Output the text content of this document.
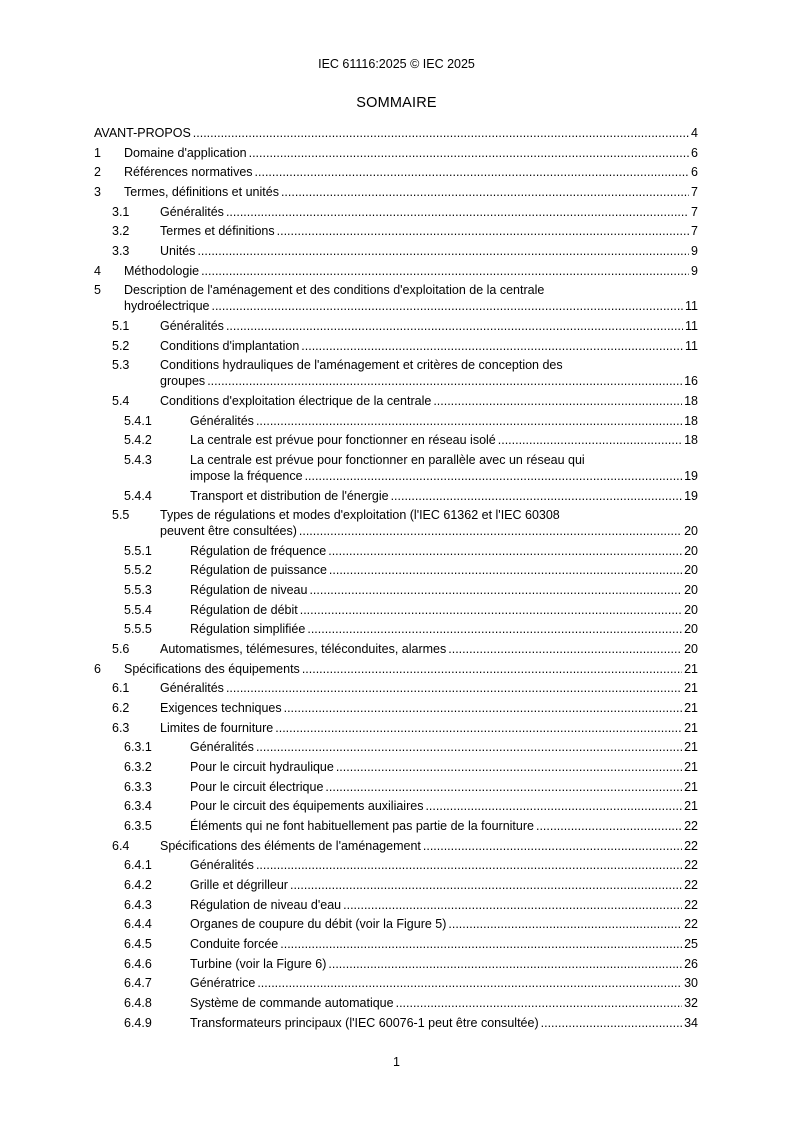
IEC 61116:2025 © IEC 2025
SOMMAIRE
AVANT-PROPOS .....	4
1 Domaine d'application .....	6
2 Références normatives .....	6
3 Termes, définitions et unités .....	7
3.1 Généralités .....	7
3.2 Termes et définitions .....	7
3.3 Unités .....	9
4 Méthodologie .....	9
5 Description de l'aménagement et des conditions d'exploitation de la centrale
hydroélectrique .....	11
5.1 Généralités .....	11
5.2 Conditions d'implantation .....	11
5.3 Conditions hydrauliques de l'aménagement et critères de conception des
groupes .....	16
5.4 Conditions d'exploitation électrique de la centrale .....	18
5.4.1	Généralités .....	18
5.4.2	La centrale est prévue pour fonctionner en réseau isolé .....	18
5.4.3	La centrale est prévue pour fonctionner en parallèle avec un réseau qui
impose la fréquence .....	19
5.4.4	Transport et distribution de l'énergie .....	19
5.5 Types de régulations et modes d'exploitation (l'IEC 61362 et l'IEC 60308
peuvent être consultées) .....	20
5.5.1	Régulation de fréquence .....	20
5.5.2	Régulation de puissance .....	20
5.5.3	Régulation de niveau .....	20
5.5.4	Régulation de débit .....	20
5.5.5	Régulation simplifiée .....	20
5.6 Automatismes, télémesures, téléconduites, alarmes .....	20
6 Spécifications des équipements .....	21
6.1 Généralités .....	21
6.2 Exigences techniques .....	21
6.3 Limites de fourniture .....	21
6.3.1	Généralités .....	21
6.3.2	Pour le circuit hydraulique .....	21
6.3.3	Pour le circuit électrique .....	21
6.3.4	Pour le circuit des équipements auxiliaires .....	21
6.3.5	Éléments qui ne font habituellement pas partie de la fourniture .....	22
6.4 Spécifications des éléments de l'aménagement .....	22
6.4.1	Généralités .....	22
6.4.2	Grille et dégrilleur .....	22
6.4.3	Régulation de niveau d'eau .....	22
6.4.4	Organes de coupure du débit (voir la Figure 5) .....	22
6.4.5	Conduite forcée .....	25
6.4.6	Turbine (voir la Figure 6) .....	26
6.4.7	Génératrice .....	30
6.4.8	Système de commande automatique .....	32
6.4.9	Transformateurs principaux (l'IEC 60076-1 peut être consultée) .....	34
1
